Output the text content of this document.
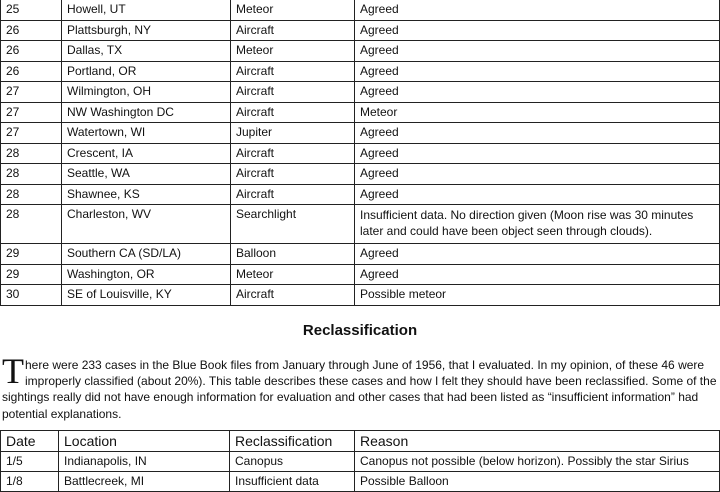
25	Howell, UT	Meteor	Agreed
26	Plattsburgh, NY	Aircraft	Agreed
26	Dallas, TX	Meteor	Agreed
26	Portland, OR	Aircraft	Agreed
27	Wilmington, OH	Aircraft	Agreed
27	NW Washington DC	Aircraft	Meteor
27	Watertown, WI	Jupiter	Agreed
28	Crescent, IA	Aircraft	Agreed
28	Seattle, WA	Aircraft	Agreed
28	Shawnee, KS	Aircraft	Agreed
28	Charleston, WV	Searchlight	Insufficient data. No direction given (Moon rise was 30 minutes later and could have been object seen through clouds).
29	Southern CA (SD/LA)	Balloon	Agreed
29	Washington, OR	Meteor	Agreed
30	SE of Louisville, KY	Aircraft	Possible meteor
Reclassification

There were 233 cases in the Blue Book files from January through June of 1956, that I evaluated. In my opinion, of these 46 were improperly classified (about 20%). This table describes these cases and how I felt they should have been reclassified. Some of the sightings really did not have enough information for evaluation and other cases that had been listed as “insufficient information” had potential explanations.

Date	Location	Reclassification	Reason
1/5	Indianapolis, IN	Canopus	Canopus not possible (below horizon). Possibly the star Sirius
1/8	Battlecreek, MI	Insufficient data	Possible Balloon
